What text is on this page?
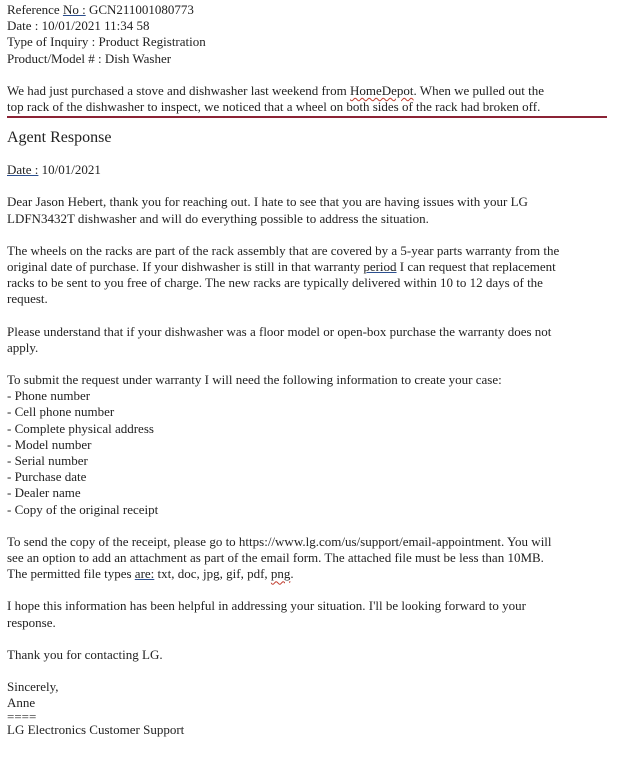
Reference No : GCN211001080773
Date : 10/01/2021 11:34 58
Type of Inquiry : Product Registration
Product/Model # : Dish Washer
We had just purchased a stove and dishwasher last weekend from HomeDepot. When we pulled out the
top rack of the dishwasher to inspect, we noticed that a wheel on both sides of the rack had broken off.
Agent Response
Date : 10/01/2021
Dear Jason Hebert, thank you for reaching out. I hate to see that you are having issues with your LG
LDFN3432T dishwasher and will do everything possible to address the situation.
The wheels on the racks are part of the rack assembly that are covered by a 5-year parts warranty from the
original date of purchase. If your dishwasher is still in that warranty period I can request that replacement
racks to be sent to you free of charge. The new racks are typically delivered within 10 to 12 days of the
request.
Please understand that if your dishwasher was a floor model or open-box purchase the warranty does not
apply.
To submit the request under warranty I will need the following information to create your case:
- Phone number
- Cell phone number
- Complete physical address
- Model number
- Serial number
- Purchase date
- Dealer name
- Copy of the original receipt
To send the copy of the receipt, please go to https://www.lg.com/us/support/email-appointment. You will
see an option to add an attachment as part of the email form. The attached file must be less than 10MB.
The permitted file types are: txt, doc, jpg, gif, pdf, png.
I hope this information has been helpful in addressing your situation. I'll be looking forward to your
response.
Thank you for contacting LG.
Sincerely,
Anne
====
LG Electronics Customer Support
